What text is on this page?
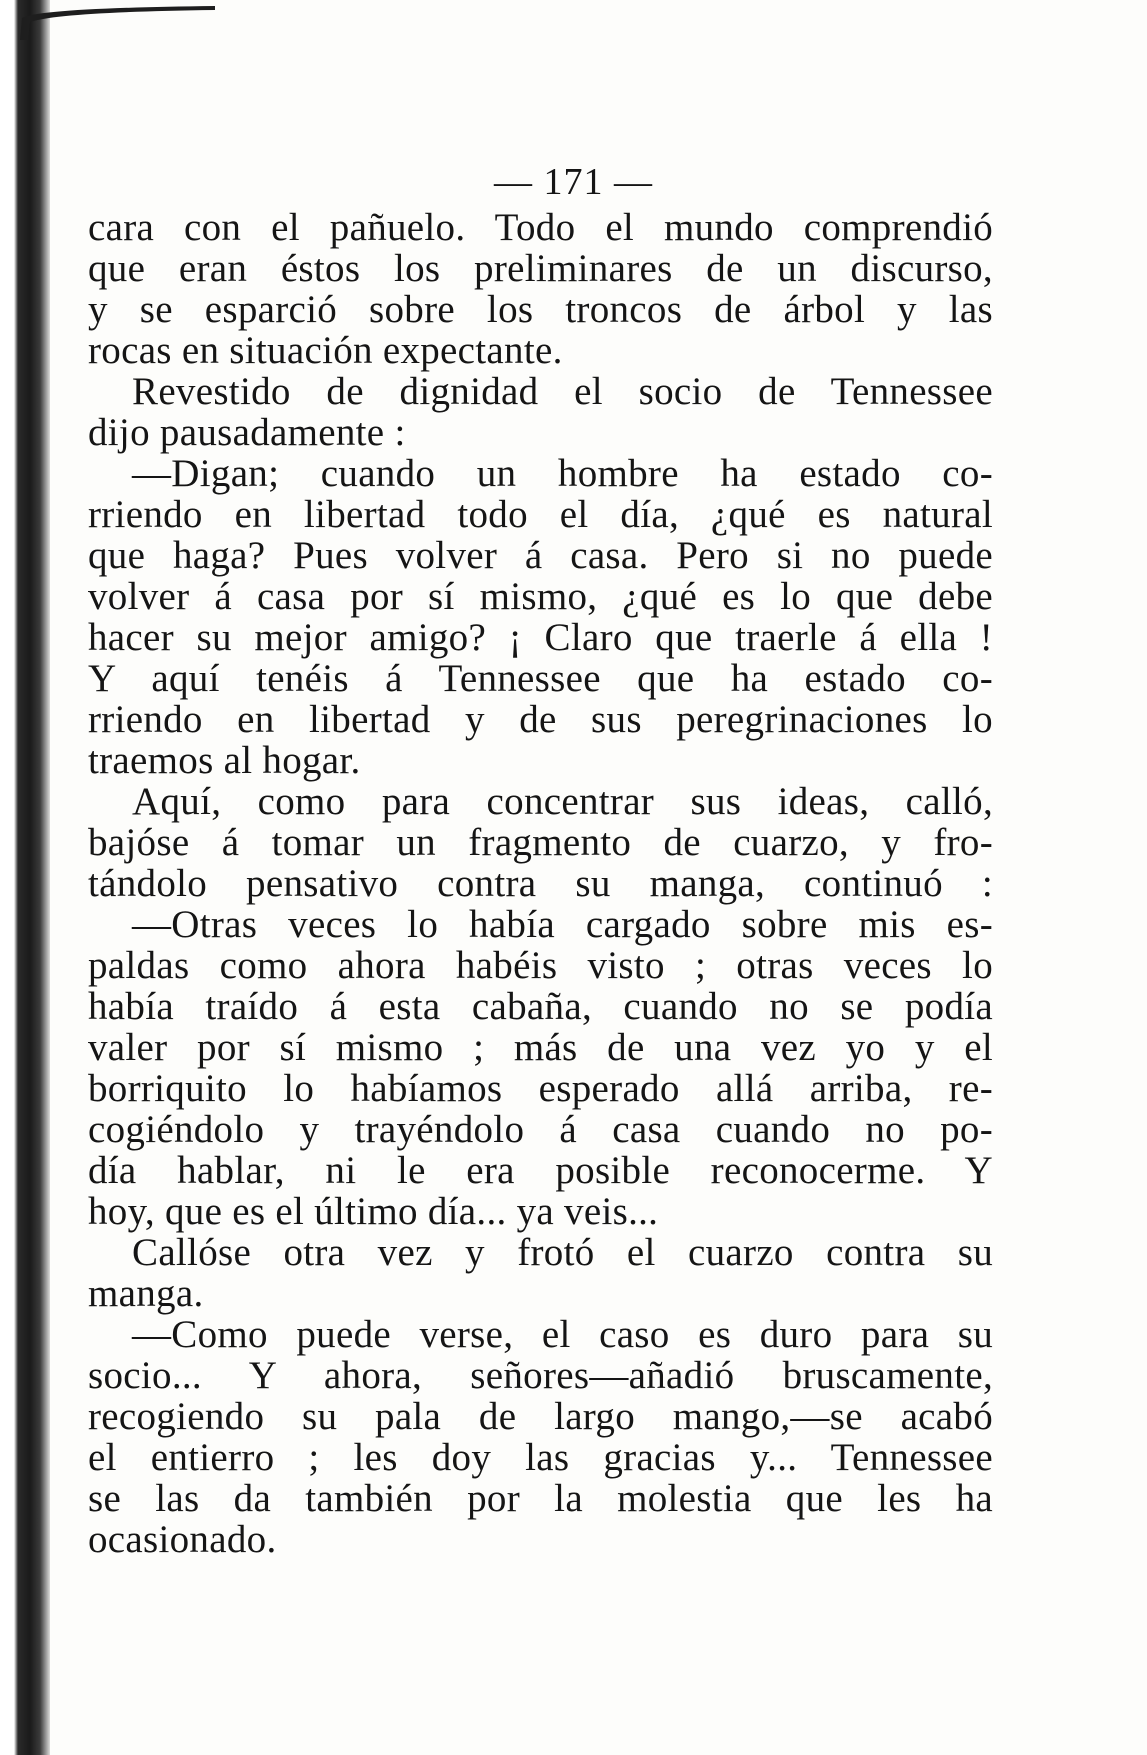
— 171 —
cara con el pañuelo. Todo el mundo comprendió
que eran éstos los preliminares de un discurso,
y se esparció sobre los troncos de árbol y las
rocas en situación expectante.
Revestido de dignidad el socio de Tennessee
dijo pausadamente :
—Digan; cuando un hombre ha estado co-
rriendo en libertad todo el día, ¿qué es natural
que haga? Pues volver á casa. Pero si no puede
volver á casa por sí mismo, ¿qué es lo que debe
hacer su mejor amigo? ¡ Claro que traerle á ella !
Y aquí tenéis á Tennessee que ha estado co-
rriendo en libertad y de sus peregrinaciones lo
traemos al hogar.
Aquí, como para concentrar sus ideas, calló,
bajóse á tomar un fragmento de cuarzo, y fro-
tándolo pensativo contra su manga, continuó :
—Otras veces lo había cargado sobre mis es-
paldas como ahora habéis visto ; otras veces lo
había traído á esta cabaña, cuando no se podía
valer por sí mismo ; más de una vez yo y el
borriquito lo habíamos esperado allá arriba, re-
cogiéndolo y trayéndolo á casa cuando no po-
día hablar, ni le era posible reconocerme. Y
hoy, que es el último día... ya veis...
Callóse otra vez y frotó el cuarzo contra su
manga.
—Como puede verse, el caso es duro para su
socio... Y ahora, señores—añadió bruscamente,
recogiendo su pala de largo mango,—se acabó
el entierro ; les doy las gracias y... Tennessee
se las da también por la molestia que les ha
ocasionado.
